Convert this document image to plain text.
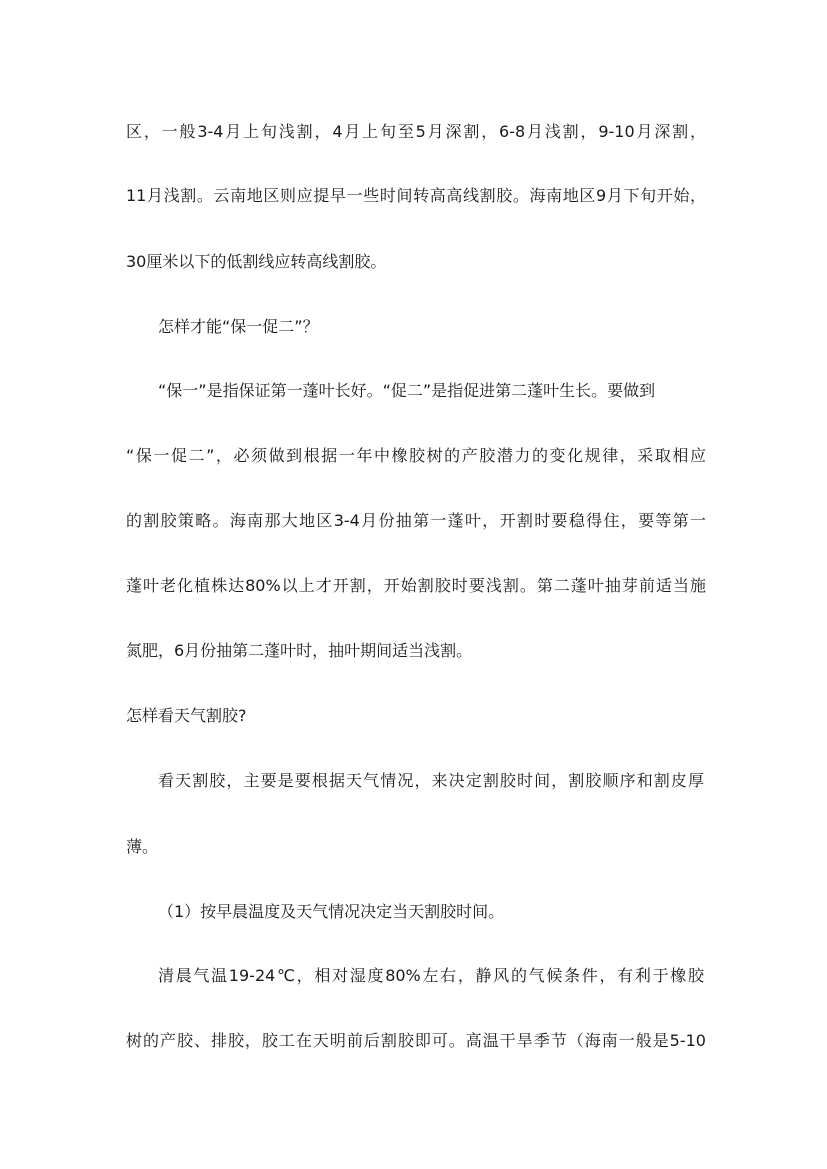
区，一般3-4月上旬浅割，4月上旬至5月深割，6-8月浅割，9-10月深割，
11月浅割。云南地区则应提早一些时间转高高线割胶。海南地区9月下旬开始，
30厘米以下的低割线应转高线割胶。
怎样才能“保一促二”？
“保一”是指保证第一蓬叶长好。“促二”是指促进第二蓬叶生长。要做到
“保一促二”，必须做到根据一年中橡胶树的产胶潜力的变化规律，采取相应
的割胶策略。海南那大地区3-4月份抽第一蓬叶，开割时要稳得住，要等第一
蓬叶老化植株达80%以上才开割，开始割胶时要浅割。第二蓬叶抽芽前适当施
氮肥，6月份抽第二蓬叶时，抽叶期间适当浅割。
怎样看天气割胶?
看天割胶，主要是要根据天气情况，来决定割胶时间，割胶顺序和割皮厚
薄。
（1）按早晨温度及天气情况决定当天割胶时间。
清晨气温19-24℃，相对湿度80%左右，静风的气候条件，有利于橡胶
树的产胶、排胶，胶工在天明前后割胶即可。高温干旱季节（海南一般是5-10
